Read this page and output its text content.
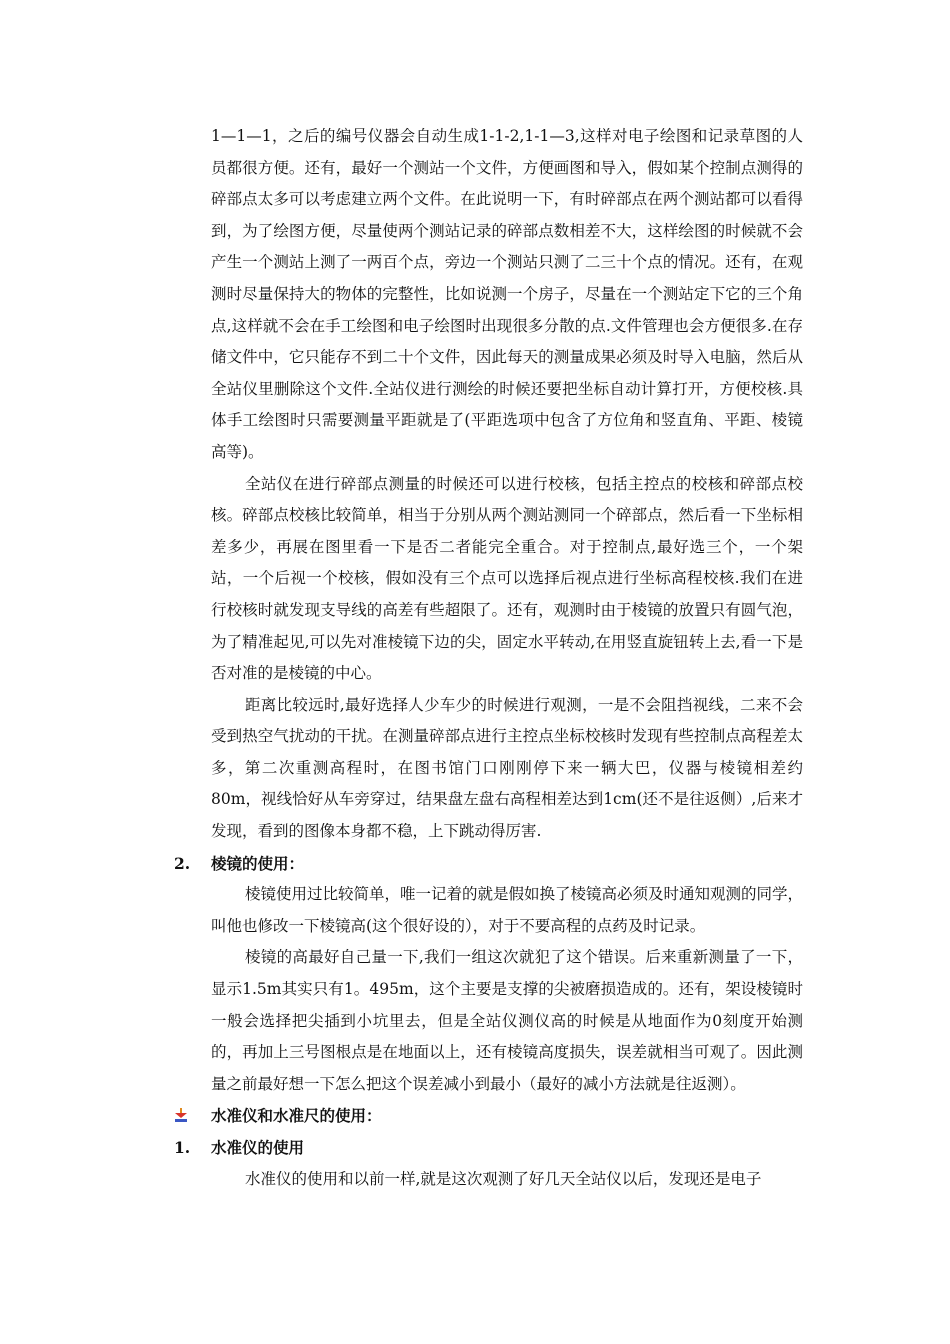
1—1—1，之后的编号仪器会自动生成1-1-2,1-1—3,这样对电子绘图和记录草图的人员都很方便。还有，最好一个测站一个文件，方便画图和导入，假如某个控制点测得的碎部点太多可以考虑建立两个文件。在此说明一下，有时碎部点在两个测站都可以看得到，为了绘图方便，尽量使两个测站记录的碎部点数相差不大，这样绘图的时候就不会产生一个测站上测了一两百个点，旁边一个测站只测了二三十个点的情况。还有，在观测时尽量保持大的物体的完整性，比如说测一个房子，尽量在一个测站定下它的三个角点,这样就不会在手工绘图和电子绘图时出现很多分散的点.文件管理也会方便很多.在存储文件中，它只能存不到二十个文件，因此每天的测量成果必须及时导入电脑，然后从全站仪里删除这个文件.全站仪进行测绘的时候还要把坐标自动计算打开，方便校核.具体手工绘图时只需要测量平距就是了(平距选项中包含了方位角和竖直角、平距、棱镜高等)。

全站仪在进行碎部点测量的时候还可以进行校核，包括主控点的校核和碎部点校核。碎部点校核比较简单，相当于分别从两个测站测同一个碎部点，然后看一下坐标相差多少，再展在图里看一下是否二者能完全重合。对于控制点,最好选三个，一个架站，一个后视一个校核，假如没有三个点可以选择后视点进行坐标高程校核.我们在进行校核时就发现支导线的高差有些超限了。还有，观测时由于棱镜的放置只有圆气泡，为了精准起见,可以先对准棱镜下边的尖，固定水平转动,在用竖直旋钮转上去,看一下是否对准的是棱镜的中心。

距离比较远时,最好选择人少车少的时候进行观测，一是不会阻挡视线，二来不会受到热空气扰动的干扰。在测量碎部点进行主控点坐标校核时发现有些控制点高程差太多，第二次重测高程时，在图书馆门口刚刚停下来一辆大巴，仪器与棱镜相差约80m，视线恰好从车旁穿过，结果盘左盘右高程相差达到1cm(还不是往返侧）,后来才发现，看到的图像本身都不稳，上下跳动得厉害.

2. 棱镜的使用：

棱镜使用过比较简单，唯一记着的就是假如换了棱镜高必须及时通知观测的同学，叫他也修改一下棱镜高(这个很好设的），对于不要高程的点药及时记录。

棱镜的高最好自己量一下,我们一组这次就犯了这个错误。后来重新测量了一下，显示1.5m其实只有1。495m，这个主要是支撑的尖被磨损造成的。还有，架设棱镜时一般会选择把尖插到小坑里去，但是全站仪测仪高的时候是从地面作为0刻度开始测的，再加上三号图根点是在地面以上，还有棱镜高度损失，误差就相当可观了。因此测量之前最好想一下怎么把这个误差减小到最小（最好的减小方法就是往返测）。

水准仪和水准尺的使用：
1. 水准仪的使用

水准仪的使用和以前一样,就是这次观测了好几天全站仪以后，发现还是电子
